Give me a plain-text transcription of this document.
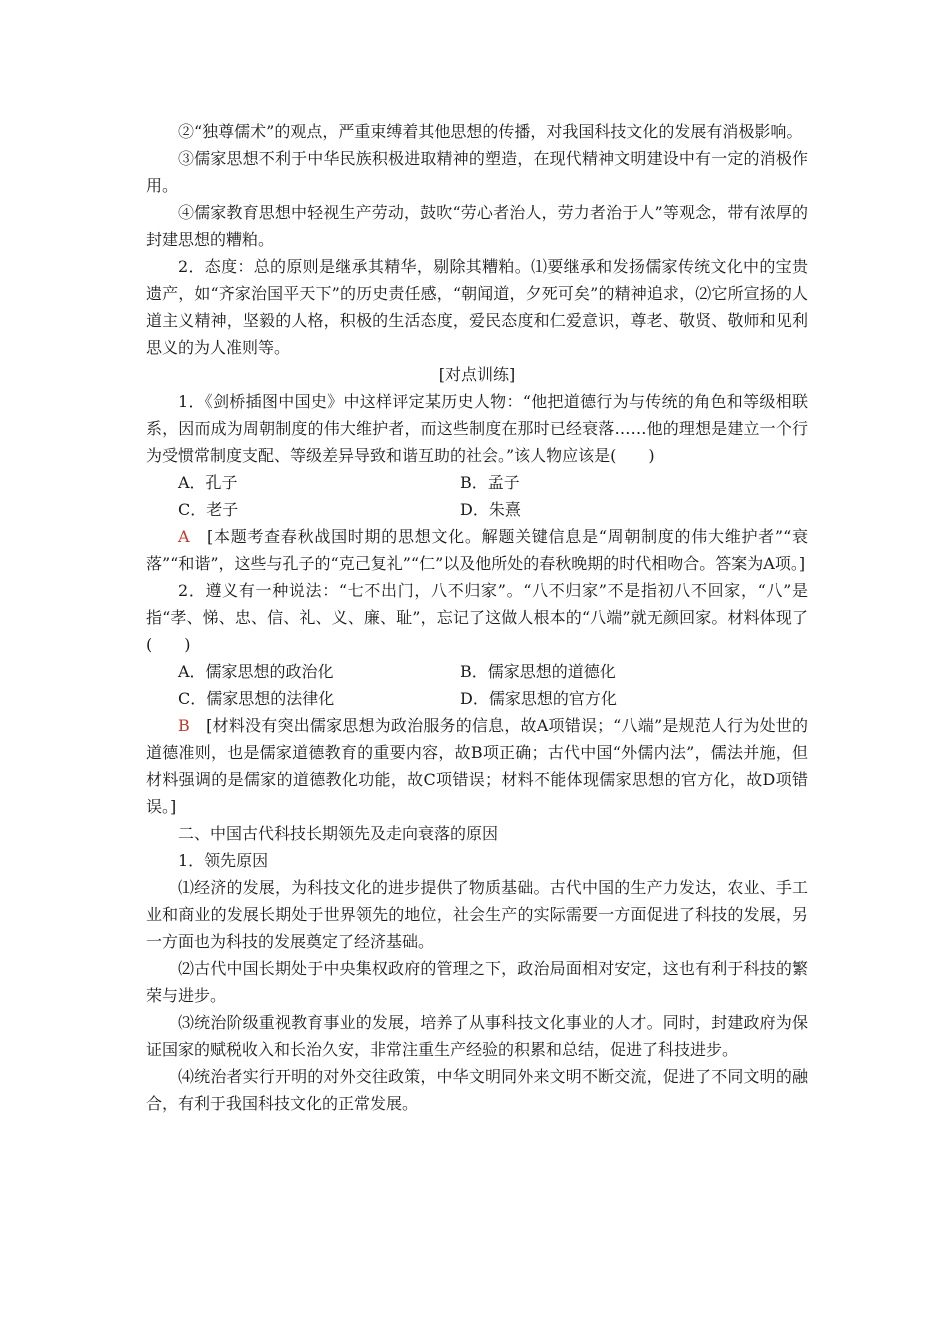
②“独尊儒术”的观点，严重束缚着其他思想的传播，对我国科技文化的发展有消极影响。

③儒家思想不利于中华民族积极进取精神的塑造，在现代精神文明建设中有一定的消极作用。

④儒家教育思想中轻视生产劳动，鼓吹“劳心者治人，劳力者治于人”等观念，带有浓厚的封建思想的糟粕。

2．态度：总的原则是继承其精华，剔除其糟粕。⑴要继承和发扬儒家传统文化中的宝贵遗产，如“齐家治国平天下”的历史责任感，“朝闻道，夕死可矣”的精神追求，⑵它所宣扬的人道主义精神，坚毅的人格，积极的生活态度，爱民态度和仁爱意识，尊老、敬贤、敬师和见利思义的为人准则等。

[对点训练]

1．《剑桥插图中国史》中这样评定某历史人物：“他把道德行为与传统的角色和等级相联系，因而成为周朝制度的伟大维护者，而这些制度在那时已经衰落……他的理想是建立一个行为受惯常制度支配、等级差异导致和谐互助的社会。”该人物应该是(　　)

A．孔子	B．孟子
C．老子	D．朱熹

A　[本题考查春秋战国时期的思想文化。解题关键信息是“周朝制度的伟大维护者”“衰落”“和谐”，这些与孔子的“克己复礼”“仁”以及他所处的春秋晚期的时代相吻合。答案为A项。]

2．遵义有一种说法：“七不出门，八不归家”。“八不归家”不是指初八不回家，“八”是指“孝、悌、忠、信、礼、义、廉、耻”，忘记了这做人根本的“八端”就无颜回家。材料体现了(　　)

A．儒家思想的政治化	B．儒家思想的道德化
C．儒家思想的法律化	D．儒家思想的官方化

B　[材料没有突出儒家思想为政治服务的信息，故A项错误；“八端”是规范人行为处世的道德准则，也是儒家道德教育的重要内容，故B项正确；古代中国“外儒内法”，儒法并施，但材料强调的是儒家的道德教化功能，故C项错误；材料不能体现儒家思想的官方化，故D项错误。]

二、中国古代科技长期领先及走向衰落的原因

1．领先原因

⑴经济的发展，为科技文化的进步提供了物质基础。古代中国的生产力发达，农业、手工业和商业的发展长期处于世界领先的地位，社会生产的实际需要一方面促进了科技的发展，另一方面也为科技的发展奠定了经济基础。

⑵古代中国长期处于中央集权政府的管理之下，政治局面相对安定，这也有利于科技的繁荣与进步。

⑶统治阶级重视教育事业的发展，培养了从事科技文化事业的人才。同时，封建政府为保证国家的赋税收入和长治久安，非常注重生产经验的积累和总结，促进了科技进步。

⑷统治者实行开明的对外交往政策，中华文明同外来文明不断交流，促进了不同文明的融合，有利于我国科技文化的正常发展。
